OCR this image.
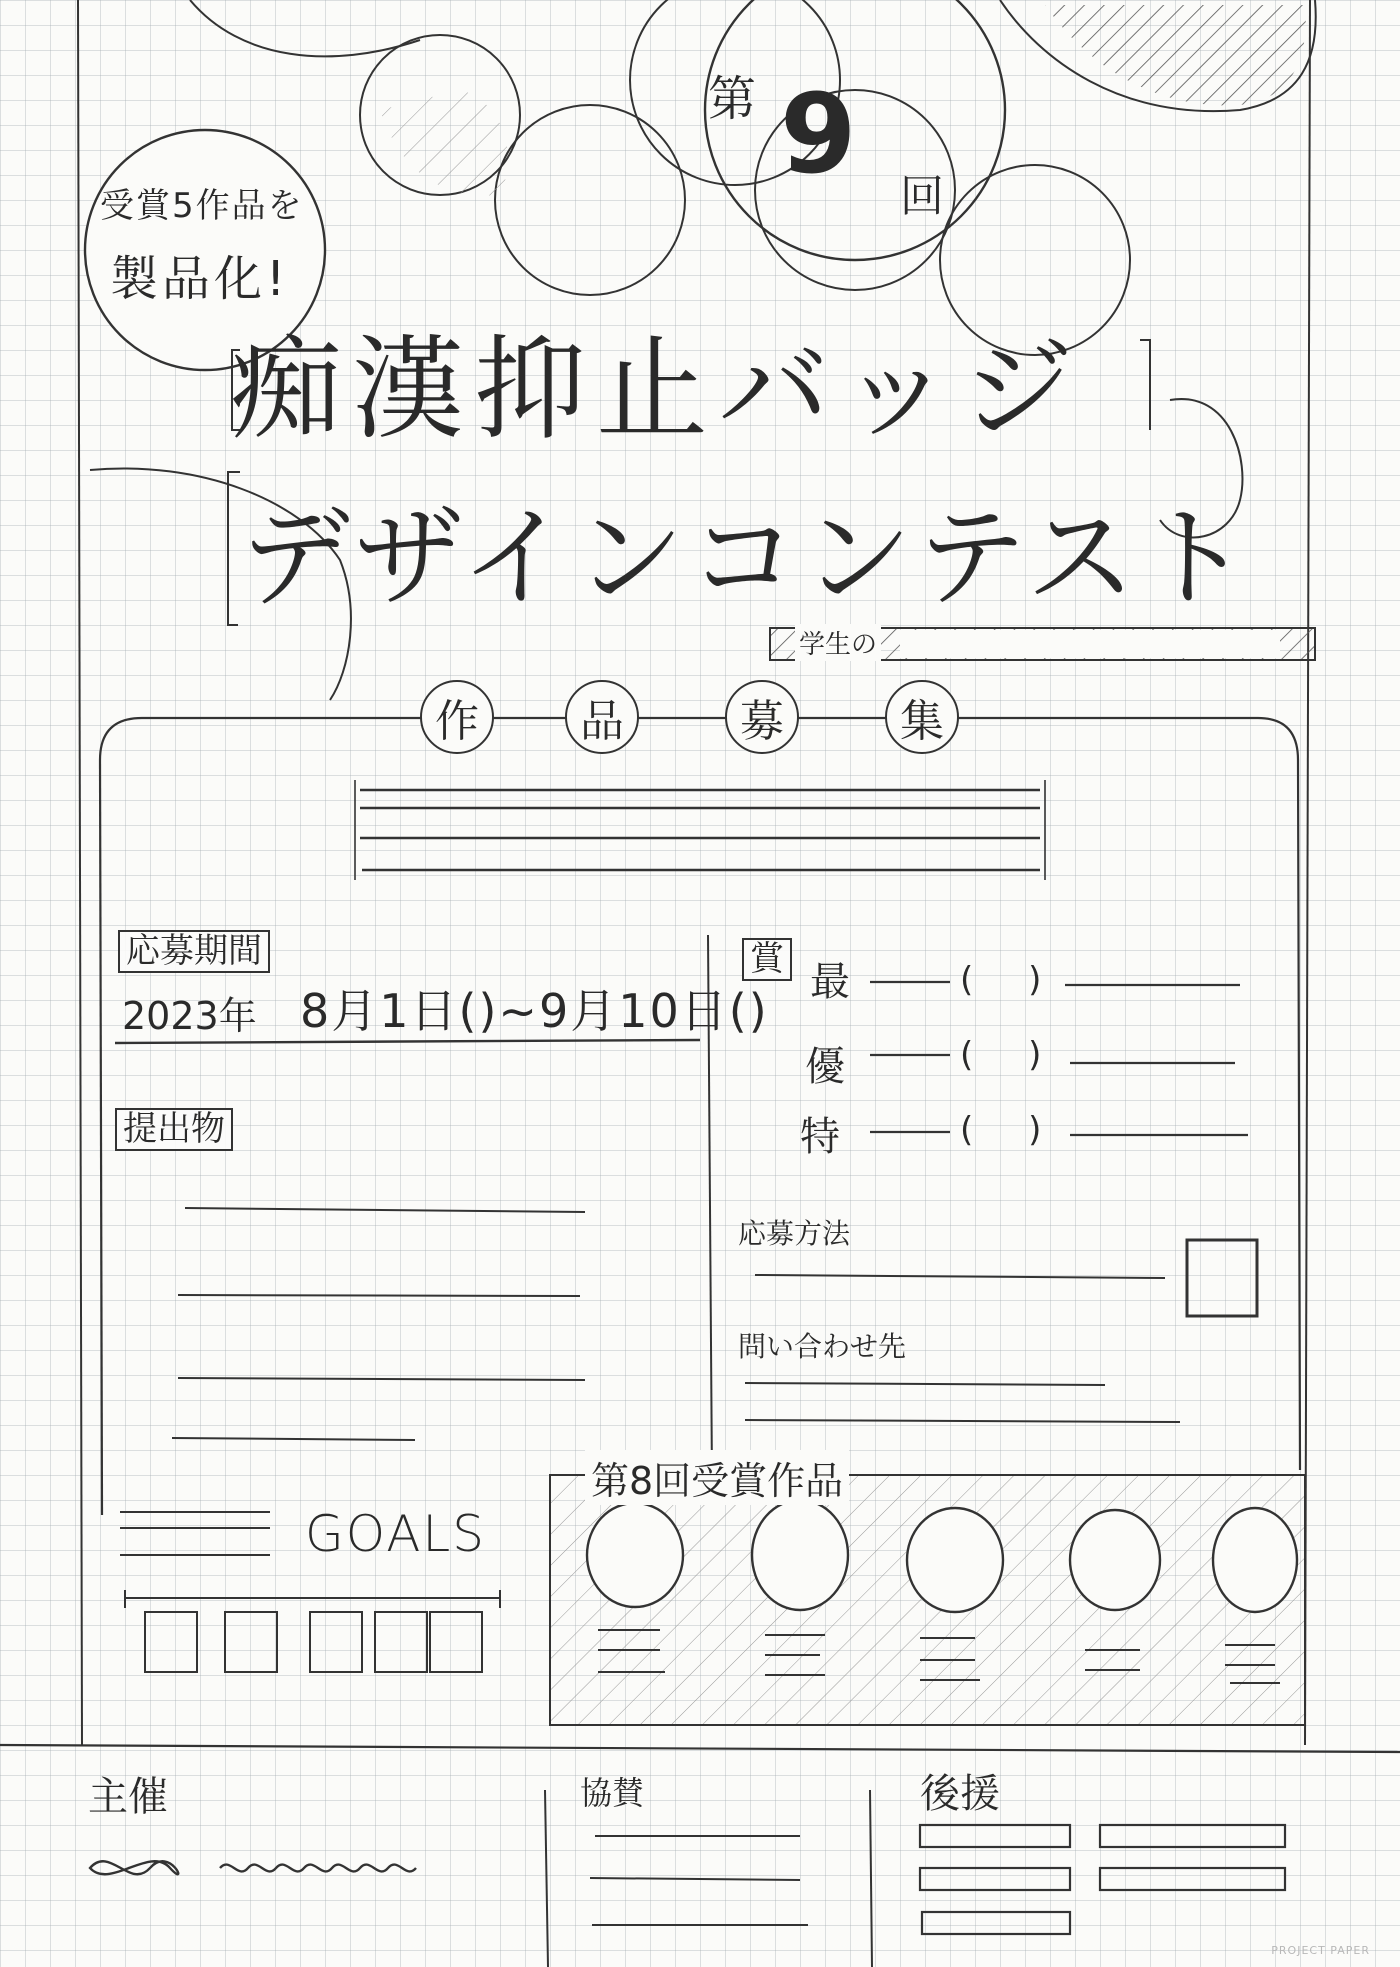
第 9 回
受賞5作品を
製品化!
痴漢抑止バッジ
デザインコンテスト
学生の
作	品	募	集
応募期間
2023年 8月1日()~9月10日()
提出物
GOALS
賞 最
優
特
( )
( )
( )
応募方法
問い合わせ先
第8回受賞作品
主催	協賛	後援
PROJECT PAPER
